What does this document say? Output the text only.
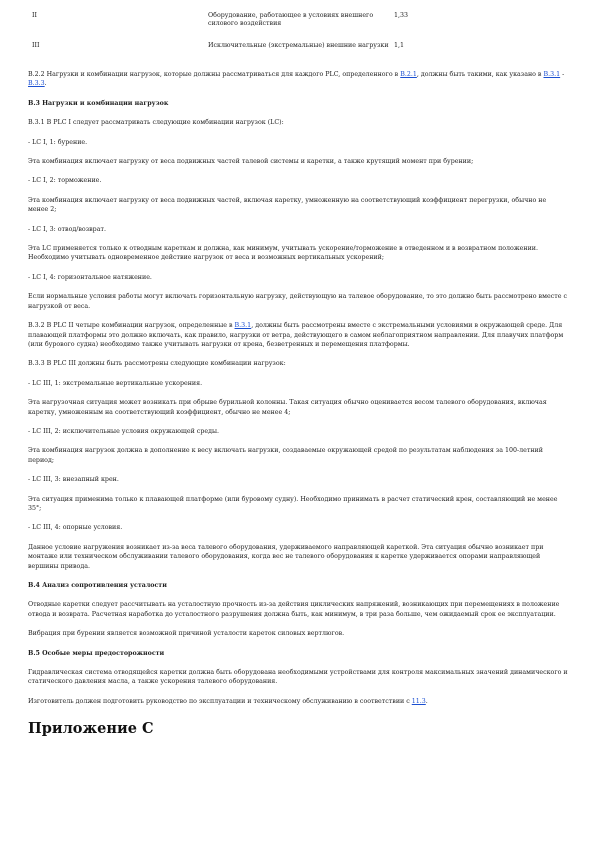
II	Оборудование, работающее в условиях внешнего силового воздействия
1,33
III	Исключительные (экстремальные) внешние нагрузки 1,1

В.2.2 Нагрузки и комбинации нагрузок, которые должны рассматриваться для каждого PLC, определенного в В.2.1, должны быть такими, как указано в В.3.1 - В.3.3.

В.3 Нагрузки и комбинации нагрузок

В.3.1 В PLC I следует рассматривать следующие комбинации нагрузок (LC):

- LC I, 1: бурение.

Эта комбинация включает нагрузку от веса подвижных частей талевой системы и каретки, а также крутящий момент при бурении;

- LC I, 2: торможение.

Эта комбинация включает нагрузку от веса подвижных частей, включая каретку, умноженную на соответствующий коэффициент перегрузки, обычно не менее 2;

- LC I, 3: отвод/возврат.

Эта LC применяется только к отводным кареткам и должна, как минимум, учитывать ускорение/торможение в отведенном и в возвратном положении. Необходимо учитывать одновременное действие нагрузок от веса и возможных вертикальных ускорений;

- LC I, 4: горизонтальное натяжение.

Если нормальные условия работы могут включать горизонтальную нагрузку, действующую на талевое оборудование, то это должно быть рассмотрено вместе с нагрузкой от веса.

В.3.2 В PLC II четыре комбинации нагрузок, определенные в В.3.1, должны быть рассмотрены вместе с экстремальными условиями в окружающей среде. Для плавающей платформы это должно включать, как правило, нагрузки от ветра, действующего в самом неблагоприятном направлении. Для плавучих платформ (или бурового судна) необходимо также учитывать нагрузки от крена, безветренных и перемещения платформы.

В.3.3 В PLC III должны быть рассмотрены следующие комбинации нагрузок:

- LC III, 1: экстремальные вертикальные ускорения.

Эта нагрузочная ситуация может возникать при обрыве бурильной колонны. Такая ситуация обычно оценивается весом талевого оборудования, включая каретку, умноженным на соответствующий коэффициент, обычно не менее 4;

- LC III, 2: исключительные условия окружающей среды.

Эта комбинация нагрузок должна в дополнение к весу включать нагрузки, создаваемые окружающей средой по результатам наблюдения за 100-летний период;

- LC III, 3: внезапный крен.

Эта ситуация применима только к плавающей платформе (или буровому судну). Необходимо принимать в расчет статический крен, составляющий не менее 35°;

- LC III, 4: опорные условия.

Данное условие нагружения возникает из-за веса талевого оборудования, удерживаемого направляющей кареткой. Эта ситуация обычно возникает при монтаже или техническом обслуживании талевого оборудования, когда вес не талевого оборудования к каретке удерживается опорами направляющей вершины привода.

В.4 Анализ сопротивления усталости

Отводные каретки следует рассчитывать на усталостную прочность из-за действия циклических напряжений, возникающих при перемещениях в положение отвода и возврата. Расчетная наработка до усталостного разрушения должна быть, как минимум, в три раза больше, чем ожидаемый срок ее эксплуатации.

Вибрация при бурении является возможной причиной усталости кареток силовых вертлюгов.

В.5 Особые меры предосторожности

Гидравлическая система отводящейся каретки должна быть оборудована необходимыми устройствами для контроля максимальных значений динамического и статического давления масла, а также ускорения талевого оборудования.

Изготовитель должен подготовить руководство по эксплуатации и техническому обслуживанию в соответствии с 11.3.

Приложение С
